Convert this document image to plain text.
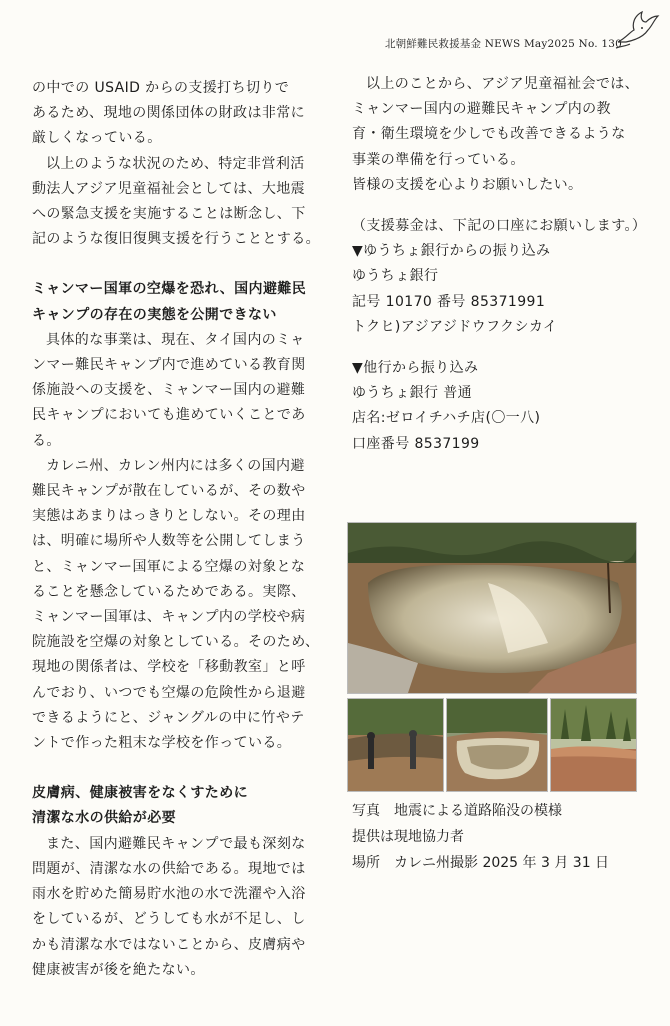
北朝鮮難民救援基金 NEWS May2025 No. 130

の中での USAID からの支援打ち切りで
あるため、現地の関係団体の財政は非常に
厳しくなっている。

以上のような状況のため、特定非営利活
動法人アジア児童福祉会としては、大地震
への緊急支援を実施することは断念し、下
記のような復旧復興支援を行うこととする。

ミャンマー国軍の空爆を恐れ、国内避難民
キャンプの存在の実態を公開できない

具体的な事業は、現在、タイ国内のミャ
ンマー難民キャンプ内で進めている教育関
係施設への支援を、ミャンマー国内の避難
民キャンプにおいても進めていくことであ
る。

カレニ州、カレン州内には多くの国内避
難民キャンプが散在しているが、その数や
実態はあまりはっきりとしない。その理由
は、明確に場所や人数等を公開してしまう
と、ミャンマー国軍による空爆の対象とな
ることを懸念しているためである。実際、
ミャンマー国軍は、キャンプ内の学校や病
院施設を空爆の対象としている。そのため、
現地の関係者は、学校を「移動教室」と呼
んでおり、いつでも空爆の危険性から退避
できるようにと、ジャングルの中に竹やテ
ントで作った粗末な学校を作っている。

皮膚病、健康被害をなくすために
清潔な水の供給が必要

また、国内避難民キャンプで最も深刻な
問題が、清潔な水の供給である。現地では
雨水を貯めた簡易貯水池の水で洗濯や入浴
をしているが、どうしても水が不足し、し
かも清潔な水ではないことから、皮膚病や
健康被害が後を絶たない。

以上のことから、アジア児童福祉会では、
ミャンマー国内の避難民キャンプ内の教
育・衛生環境を少しでも改善できるような
事業の準備を行っている。
皆様の支援を心よりお願いしたい。

（支援募金は、下記の口座にお願いします。）

▼ゆうちょ銀行からの振り込み

ゆうちょ銀行

記号 10170 番号 85371991

トクヒ)アジアジドウフクシカイ

▼他行から振り込み

ゆうちょ銀行 普通

店名:ゼロイチハチ店(〇一八)

口座番号 8537199

写真　地震による道路陥没の模様

提供は現地協力者

場所　カレニ州撮影 2025 年 3 月 31 日
